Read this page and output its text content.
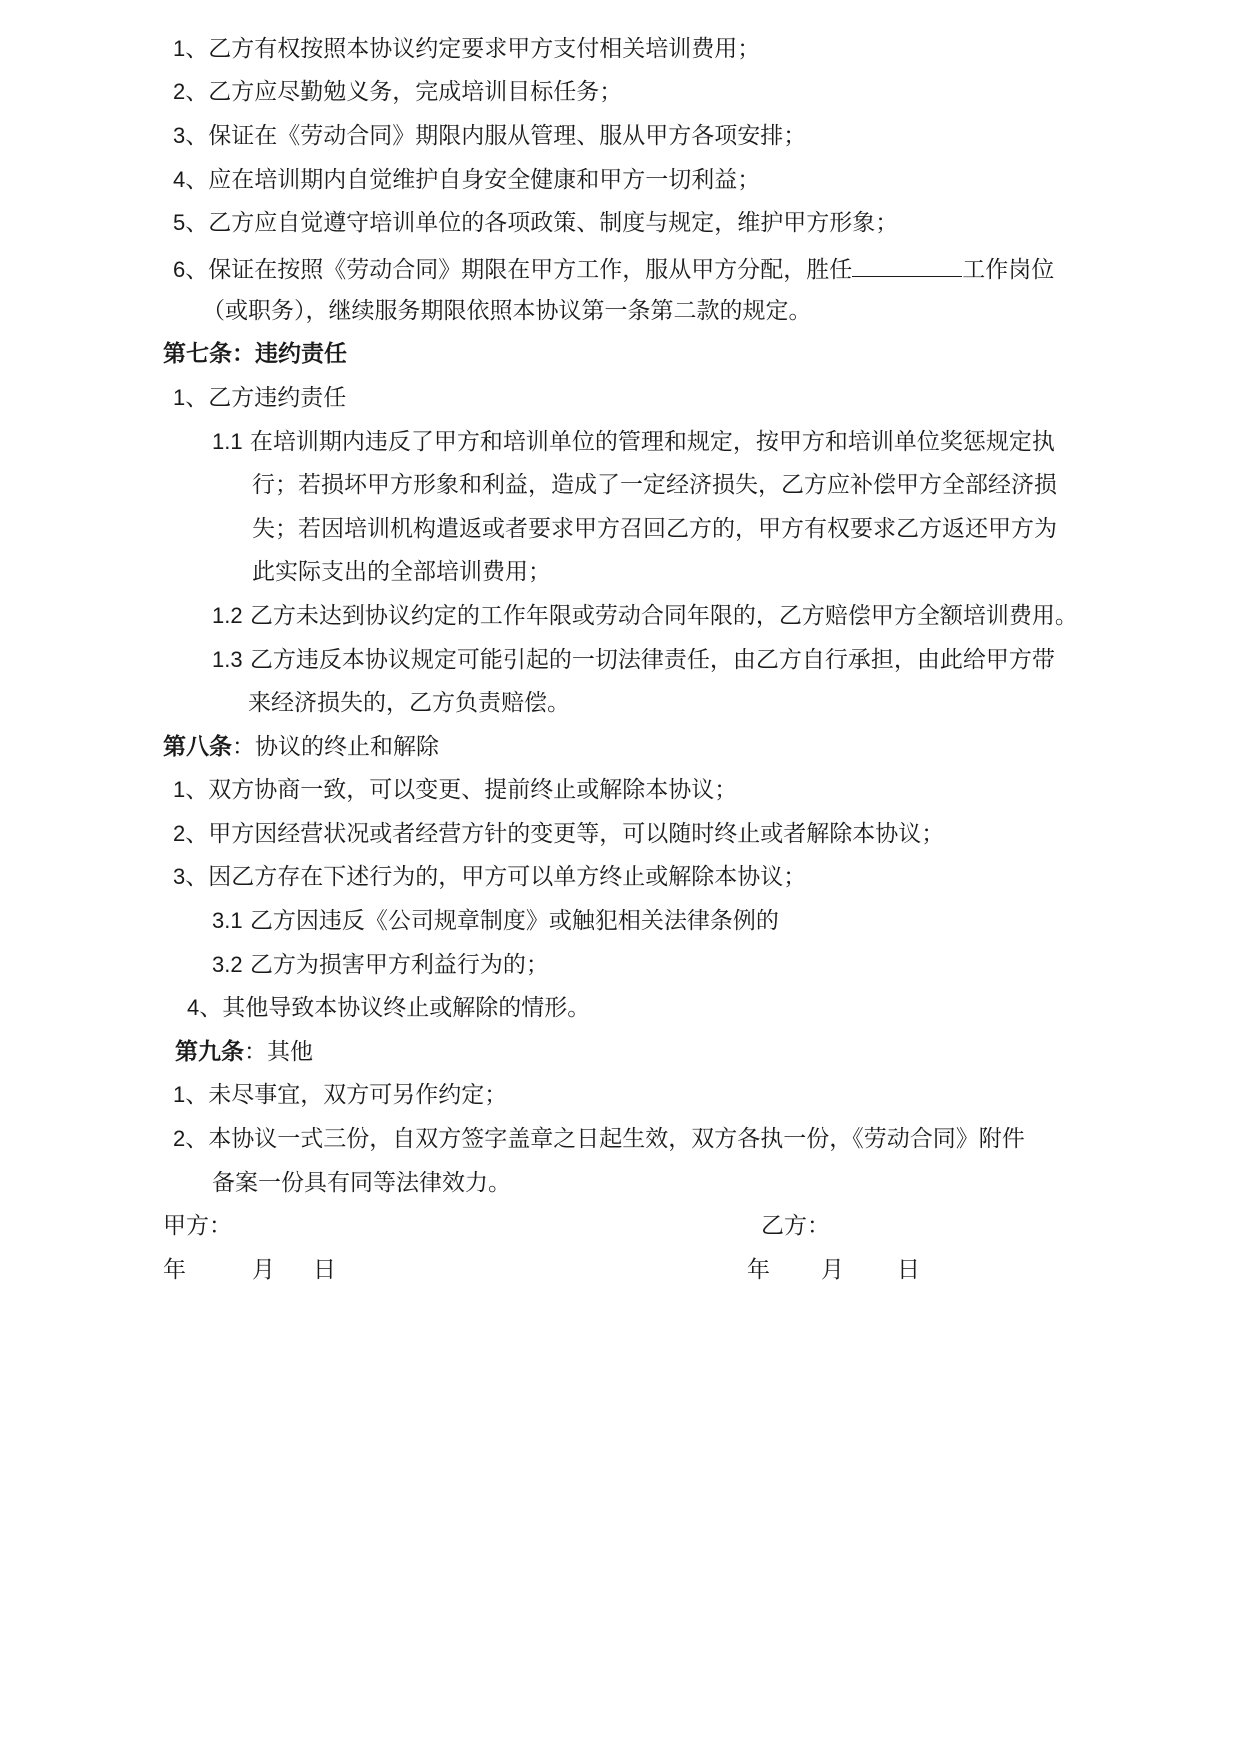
1、乙方有权按照本协议约定要求甲方支付相关培训费用；
2、乙方应尽勤勉义务，完成培训目标任务；
3、保证在《劳动合同》期限内服从管理、服从甲方各项安排；
4、应在培训期内自觉维护自身安全健康和甲方一切利益；
5、乙方应自觉遵守培训单位的各项政策、制度与规定，维护甲方形象；
6、保证在按照《劳动合同》期限在甲方工作，服从甲方分配，胜任	工作岗位
（或职务），继续服务期限依照本协议第一条第二款的规定。
第七条：违约责任
1、乙方违约责任
1.1 在培训期内违反了甲方和培训单位的管理和规定，按甲方和培训单位奖惩规定执
行；若损坏甲方形象和利益，造成了一定经济损失，乙方应补偿甲方全部经济损
失；若因培训机构遣返或者要求甲方召回乙方的，甲方有权要求乙方返还甲方为
此实际支出的全部培训费用；
1.2 乙方未达到协议约定的工作年限或劳动合同年限的，乙方赔偿甲方全额培训费用。
1.3 乙方违反本协议规定可能引起的一切法律责任，由乙方自行承担，由此给甲方带
来经济损失的，乙方负责赔偿。
第八条：协议的终止和解除
1、双方协商一致，可以变更、提前终止或解除本协议；
2、甲方因经营状况或者经营方针的变更等，可以随时终止或者解除本协议；
3、因乙方存在下述行为的，甲方可以单方终止或解除本协议；
3.1 乙方因违反《公司规章制度》或触犯相关法律条例的
3.2 乙方为损害甲方利益行为的；
4、其他导致本协议终止或解除的情形。
第九条：其他
1、未尽事宜，双方可另作约定；
2、本协议一式三份，自双方签字盖章之日起生效，双方各执一份，《劳动合同》附件
备案一份具有同等法律效力。
甲方：	乙方：
年	月 日	年 月 日
